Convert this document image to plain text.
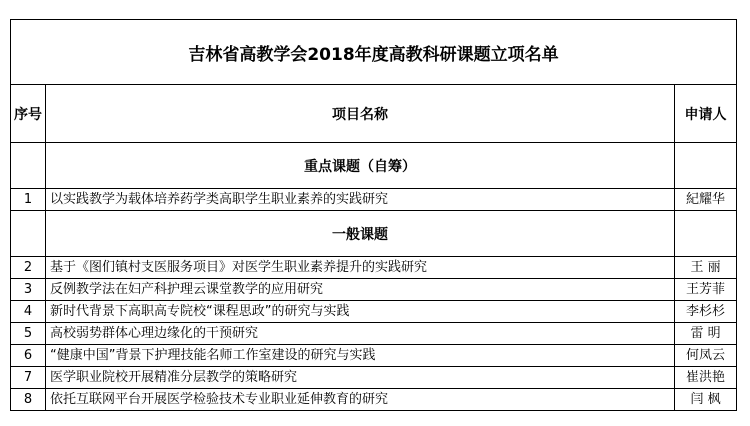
吉林省高教学会2018年度高教科研课题立项名单		
序号	项目名称	申请人
	重点课题（自筹）	
1	以实践教学为载体培养药学类高职学生职业素养的实践研究	紀耀华
	一般课题	
2	基于《图们镇村支医服务项目》对医学生职业素养提升的实践研究	王 丽
3	反例教学法在妇产科护理云课堂教学的应用研究	王芳菲
4	新时代背景下高职高专院校“课程思政”的研究与实践	李杉杉
5	高校弱势群体心理边缘化的干预研究	雷 明
6	“健康中国”背景下护理技能名师工作室建设的研究与实践	何凤云
7	医学职业院校开展精准分层教学的策略研究	崔洪艳
8	依托互联网平台开展医学检验技术专业职业延伸教育的研究	闫 枫
